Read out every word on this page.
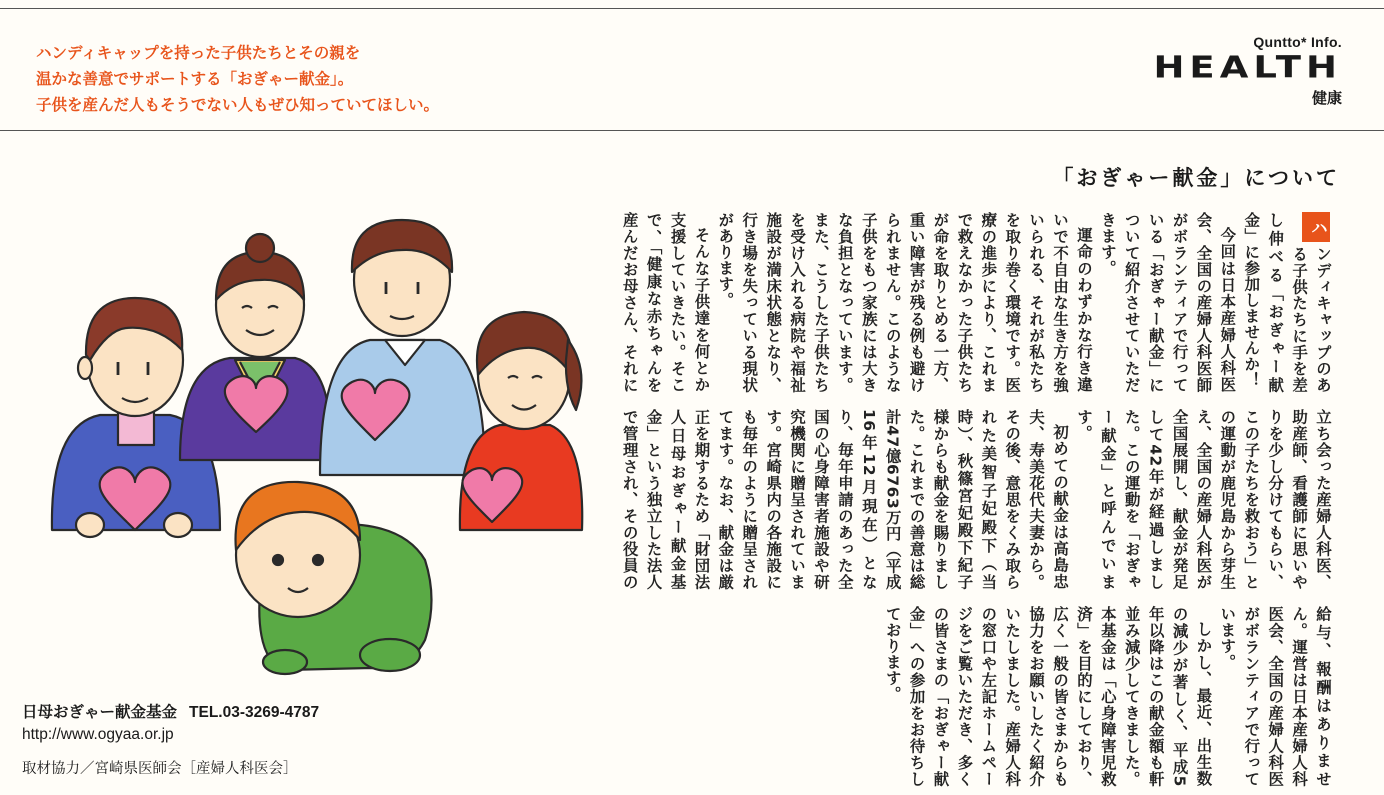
ハンディキャップを持った子供たちとその親を
温かな善意でサポートする「おぎゃー献金」。
子供を産んだ人もそうでない人もぜひ知っていてほしい。
Quntto* Info.
HEALTH
健康
日母おぎゃー献金基金 TEL.03-3269-4787
http://www.ogyaa.or.jp
取材協力／宮崎県医師会［産婦人科医会］
「おぎゃー献金」について

ハ
ンディキャップのある子供たちに手を差し伸べる「おぎゃー献金」に参加しませんか！

今回は日本産婦人科医会、全国の産婦人科医師がボランティアで行っている「おぎゃー献金」について紹介させていただきます。

運命のわずかな行き違いで不自由な生き方を強いられる、それが私たちを取り巻く環境です。医療の進歩により、これまで救えなかった子供たちが命を取りとめる一方、重い障害が残る例も避けられません。このような子供をもつ家族には大きな負担となっています。また、こうした子供たちを受け入れる病院や福祉施設が満床状態となり、行き場を失っている現状があります。

そんな子供達を何とか支援していきたい。そこで、「健康な赤ちゃんを産んだお母さん、それに立ち会った産婦人科医、助産師、看護師に思いやりを少し分けてもらい、この子たちを救おう」との運動が鹿児島から芽生え、全国の産婦人科医が全国展開し、献金が発足して42年が経過しました。この運動を「おぎゃー献金」と呼んでいます。

初めての献金は高島忠夫、寿美花代夫妻から。その後、意思をくみ取られた美智子妃殿下（当時）、秋篠宮妃殿下紀子様からも献金を賜りました。これまでの善意は総計47億6763万円（平成16年12月現在）となり、毎年申請のあった全国の心身障害者施設や研究機関に贈呈されています。宮崎県内の各施設にも毎年のように贈呈されてます。なお、献金は厳正を期するため「財団法人日母おぎゃー献金基金」という独立した法人で管理され、その役員の給与、報酬はありません。運営は日本産婦人科医会、全国の産婦人科医がボランティアで行っています。

しかし、最近、出生数の減少が著しく、平成5年以降はこの献金額も軒並み減少してきました。本基金は「心身障害児救済」を目的にしており、広く一般の皆さまからも協力をお願いしたく紹介いたしました。産婦人科の窓口や左記ホームページをご覧いただき、多くの皆さまの「おぎゃー献金」への参加をお待ちしております。
